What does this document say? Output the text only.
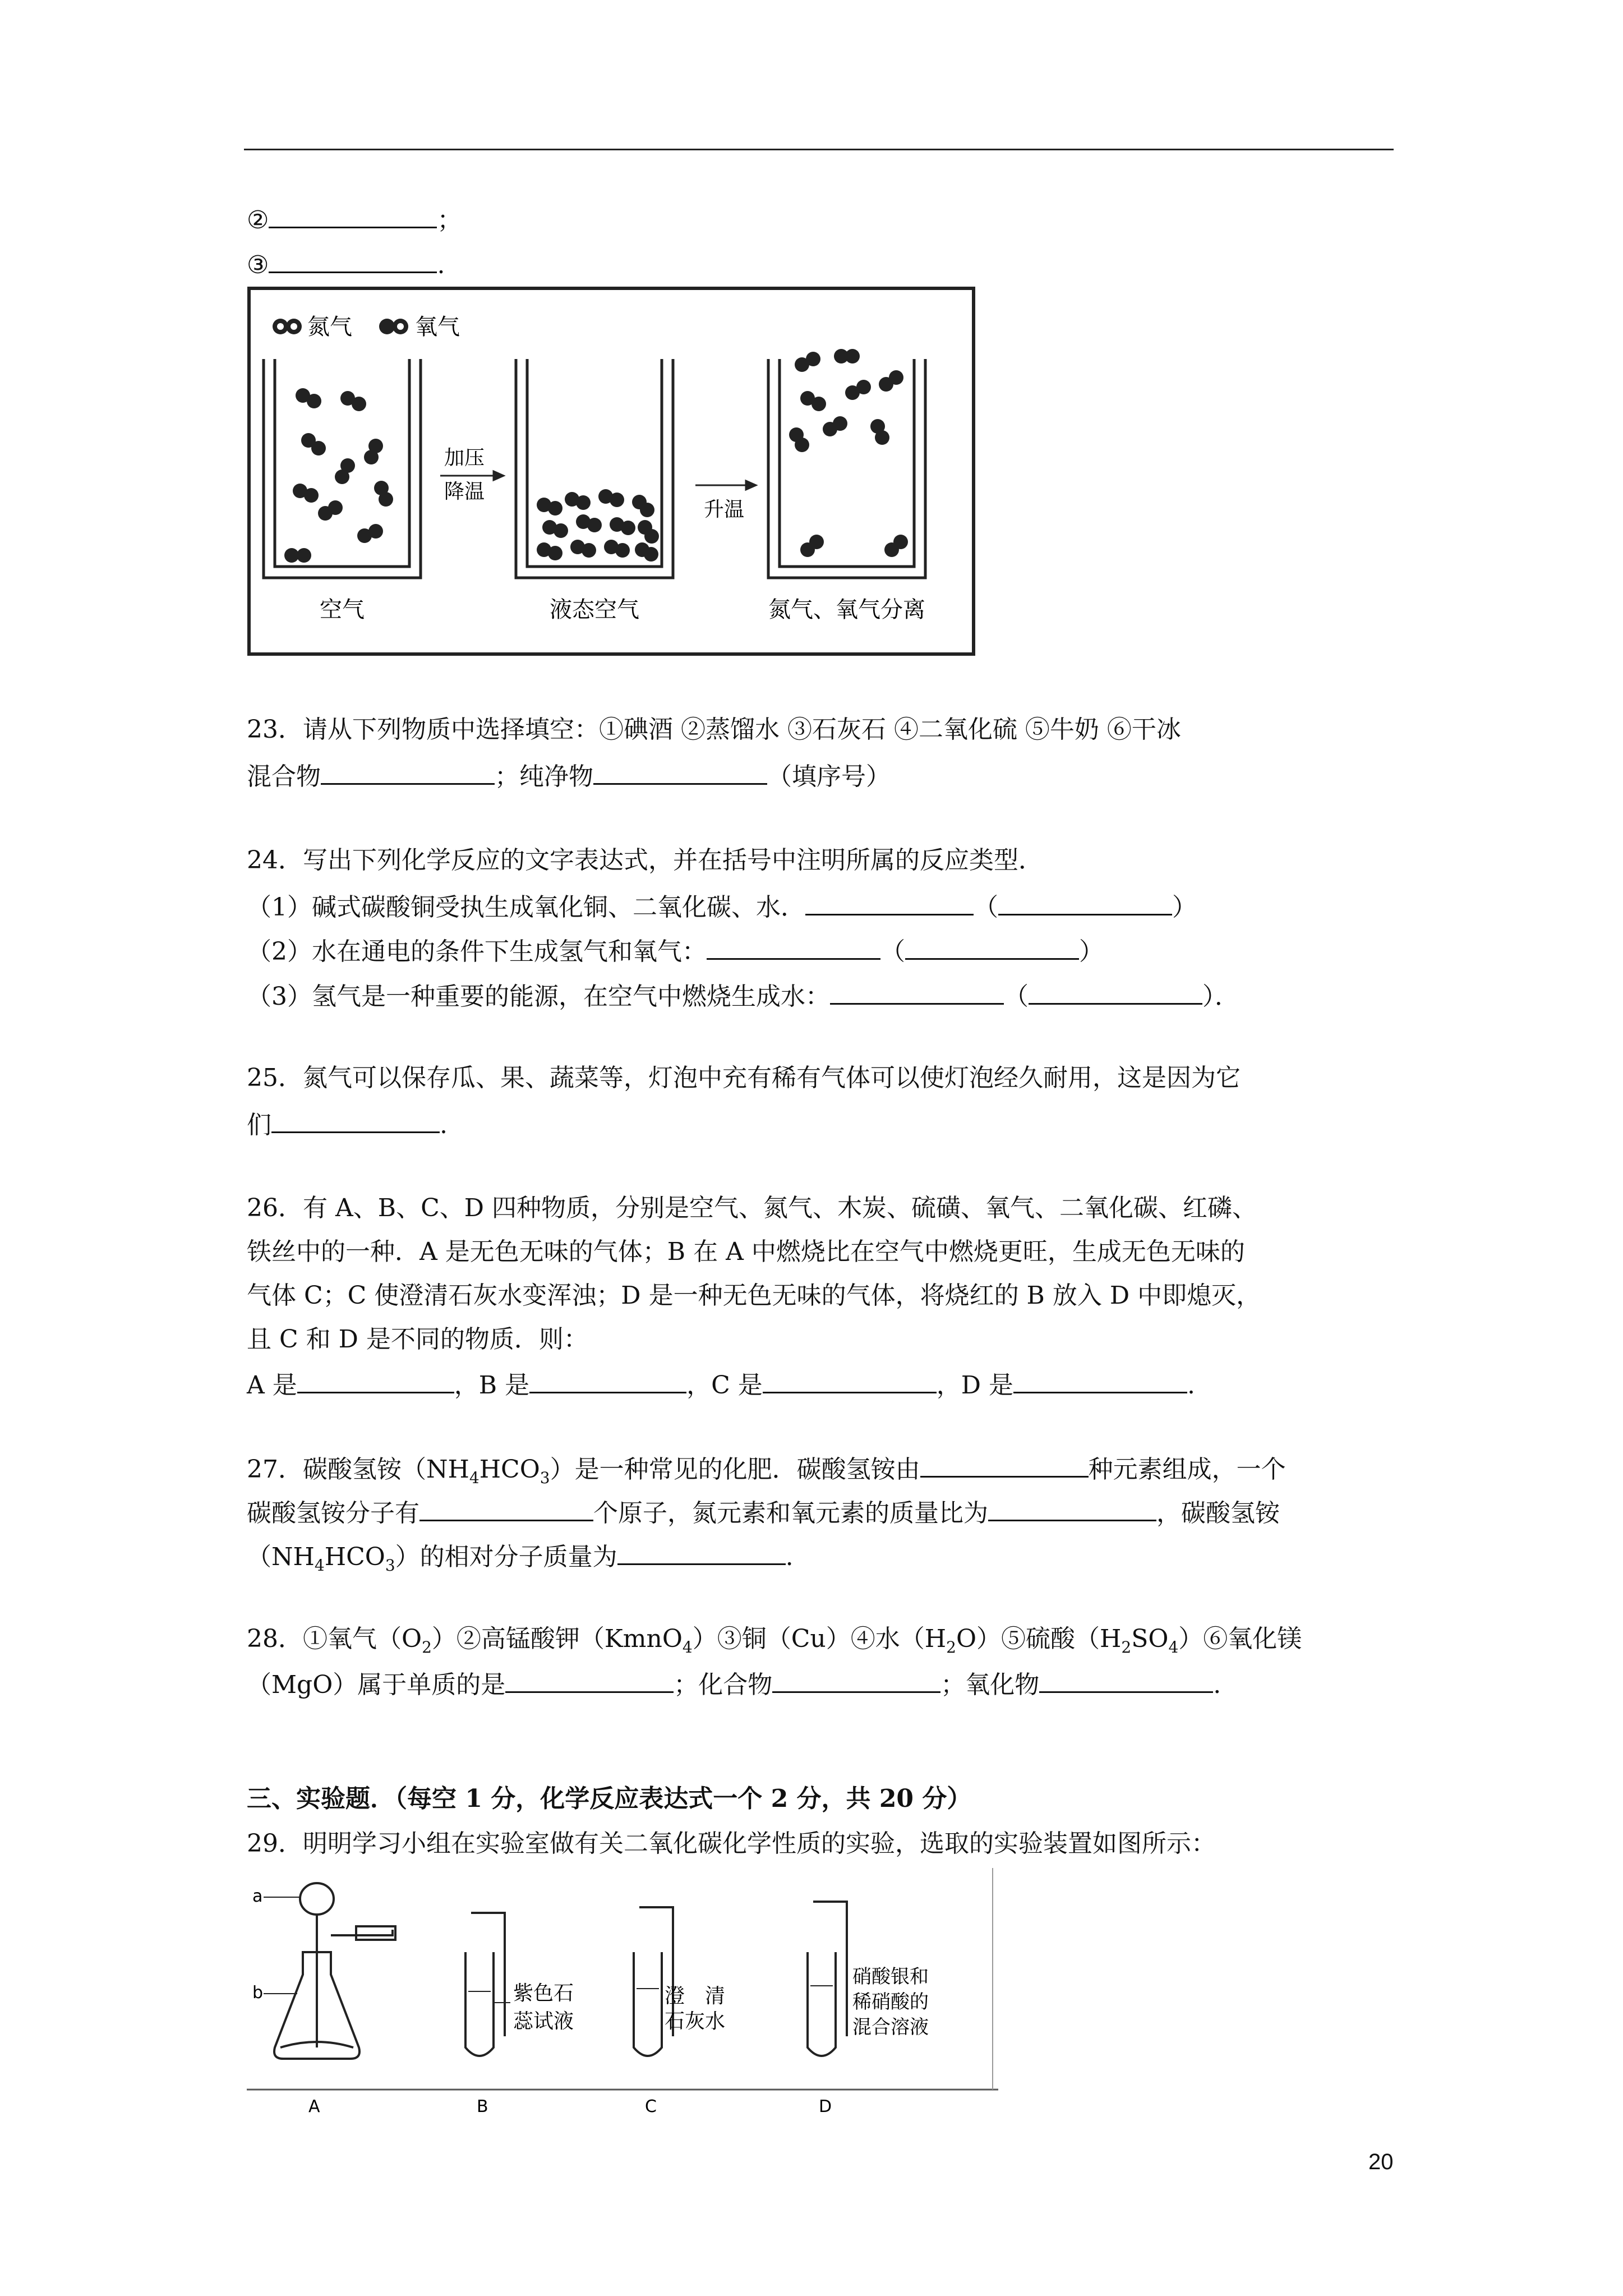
②	；
③	.
氮气	氧气
加压
降温
升温
空气	液态空气	氮气、氧气分离
23．请从下列物质中选择填空：①碘酒 ②蒸馏水 ③石灰石 ④二氧化硫 ⑤牛奶 ⑥干冰
混合物	；纯净物	（填序号）
24．写出下列化学反应的文字表达式，并在括号中注明所属的反应类型．
（1）碱式碳酸铜受执生成氧化铜、二氧化碳、水．	（	）
（2）水在通电的条件下生成氢气和氧气：	（	）
（3）氢气是一种重要的能源，在空气中燃烧生成水：	（	）．
25．氮气可以保存瓜、果、蔬菜等，灯泡中充有稀有气体可以使灯泡经久耐用，这是因为它
们	.
26．有 A、B、C、D 四种物质，分别是空气、氮气、木炭、硫磺、氧气、二氧化碳、红磷、
铁丝中的一种．A 是无色无味的气体；B 在 A 中燃烧比在空气中燃烧更旺，生成无色无味的
气体 C；C 使澄清石灰水变浑浊；D 是一种无色无味的气体，将烧红的 B 放入 D 中即熄灭，
且 C 和 D 是不同的物质．则：
A 是	，B 是	，C 是	，D 是	.
27．碳酸氢铵$(NH_4HCO_3)$是一种常见的化肥．碳酸氢铵由	种元素组成，一个
碳酸氢铵分子有	个原子，氮元素和氧元素的质量比为	，碳酸氢铵
$(NH_4HCO_3)$的相对分子质量为	.
28．①氧气$(O_2)②$高锰酸钾（KmnO$_4$）③铜（Cu）④水$(H_2O)⑤$硫酸$(H_2SO_4)⑥$氧化镁
（MgO）属于单质的是	；化合物	；氧化物	.
三、实验题．（每空 1 分，化学反应表达式一个 2 分，共 20 分）
29．明明学习小组在实验室做有关二氧化碳化学性质的实验，选取的实验装置如图所示：
a
b
A
紫色石
蕊试液
B
澄　清
石灰水
C
硝酸银和
稀硝酸的
混合溶液
D
20
